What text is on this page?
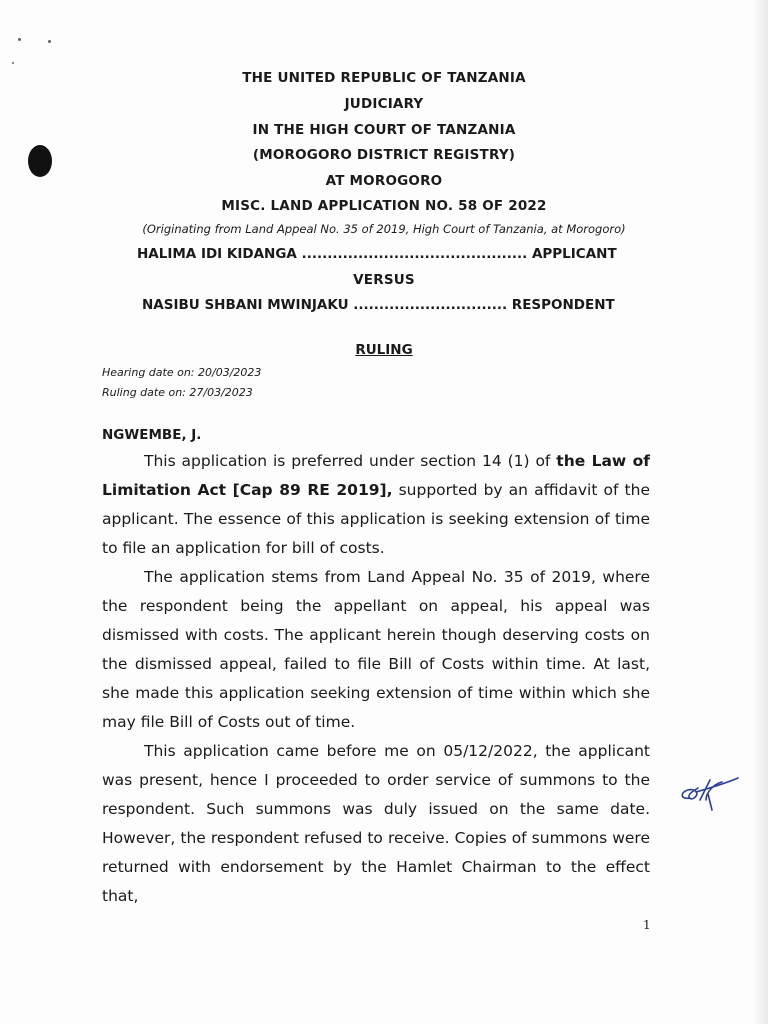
THE UNITED REPUBLIC OF TANZANIA
JUDICIARY
IN THE HIGH COURT OF TANZANIA
(MOROGORO DISTRICT REGISTRY)
AT MOROGORO
MISC. LAND APPLICATION NO. 58 OF 2022
(Originating from Land Appeal No. 35 of 2019, High Court of Tanzania, at Morogoro)
HALIMA IDI KIDANGA ............................................ APPLICANT
VERSUS
NASIBU SHBANI MWINJAKU .............................. RESPONDENT
RULING
Hearing date on: 20/03/2023
Ruling date on: 27/03/2023
NGWEMBE, J.

This application is preferred under section 14 (1) of the Law of Limitation Act [Cap 89 RE 2019], supported by an affidavit of the applicant. The essence of this application is seeking extension of time to file an application for bill of costs.

The application stems from Land Appeal No. 35 of 2019, where the respondent being the appellant on appeal, his appeal was dismissed with costs. The applicant herein though deserving costs on the dismissed appeal, failed to file Bill of Costs within time. At last, she made this application seeking extension of time within which she may file Bill of Costs out of time.

This application came before me on 05/12/2022, the applicant was present, hence I proceeded to order service of summons to the respondent. Such summons was duly issued on the same date. However, the respondent refused to receive. Copies of summons were returned with endorsement by the Hamlet Chairman to the effect that,

1
